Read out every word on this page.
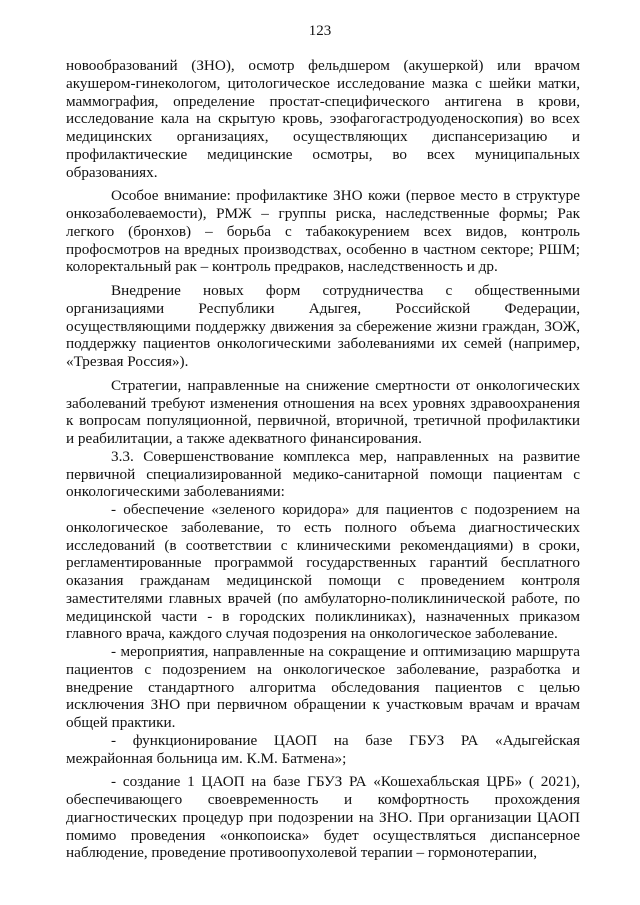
123

новообразований (ЗНО), осмотр фельдшером (акушеркой) или врачом акушером-гинекологом, цитологическое исследование мазка с шейки матки, маммография, определение простат-специфического антигена в крови, исследование кала на скрытую кровь, эзофагогастродуоденоскопия) во всех медицинских организациях, осуществляющих диспансеризацию и профилактические медицинские осмотры, во всех муниципальных образованиях.

Особое внимание: профилактике ЗНО кожи (первое место в структуре онкозаболеваемости), РМЖ – группы риска, наследственные формы; Рак легкого (бронхов) – борьба с табакокурением всех видов, контроль профосмотров на вредных производствах, особенно в частном секторе; РШМ; колоректальный рак – контроль предраков, наследственность и др.

Внедрение новых форм сотрудничества с общественными организациями Республики Адыгея, Российской Федерации, осуществляющими поддержку движения за сбережение жизни граждан, ЗОЖ, поддержку пациентов онкологическими заболеваниями их семей (например, «Трезвая Россия»).

Стратегии, направленные на снижение смертности от онкологических заболеваний требуют изменения отношения на всех уровнях здравоохранения к вопросам популяционной, первичной, вторичной, третичной профилактики и реабилитации, а также адекватного финансирования.

3.3. Совершенствование комплекса мер, направленных на развитие первичной специализированной медико-санитарной помощи пациентам с онкологическими заболеваниями:

- обеспечение «зеленого коридора» для пациентов с подозрением на онкологическое заболевание, то есть полного объема диагностических исследований (в соответствии с клиническими рекомендациями) в сроки, регламентированные программой государственных гарантий бесплатного оказания гражданам медицинской помощи с проведением контроля заместителями главных врачей (по амбулаторно-поликлинической работе, по медицинской части - в городских поликлиниках), назначенных приказом главного врача, каждого случая подозрения на онкологическое заболевание.

- мероприятия, направленные на сокращение и оптимизацию маршрута пациентов с подозрением на онкологическое заболевание, разработка и внедрение стандартного алгоритма обследования пациентов с целью исключения ЗНО при первичном обращении к участковым врачам и врачам общей практики.

- функционирование ЦАОП на базе ГБУЗ РА «Адыгейская межрайонная больница им. К.М. Батмена»;

- создание 1 ЦАОП на базе ГБУЗ РА «Кошехабльская ЦРБ» ( 2021), обеспечивающего своевременность и комфортность прохождения диагностических процедур при подозрении на ЗНО. При организации ЦАОП помимо проведения «онкопоиска» будет осуществляться диспансерное наблюдение, проведение противоопухолевой терапии – гормонотерапии,
